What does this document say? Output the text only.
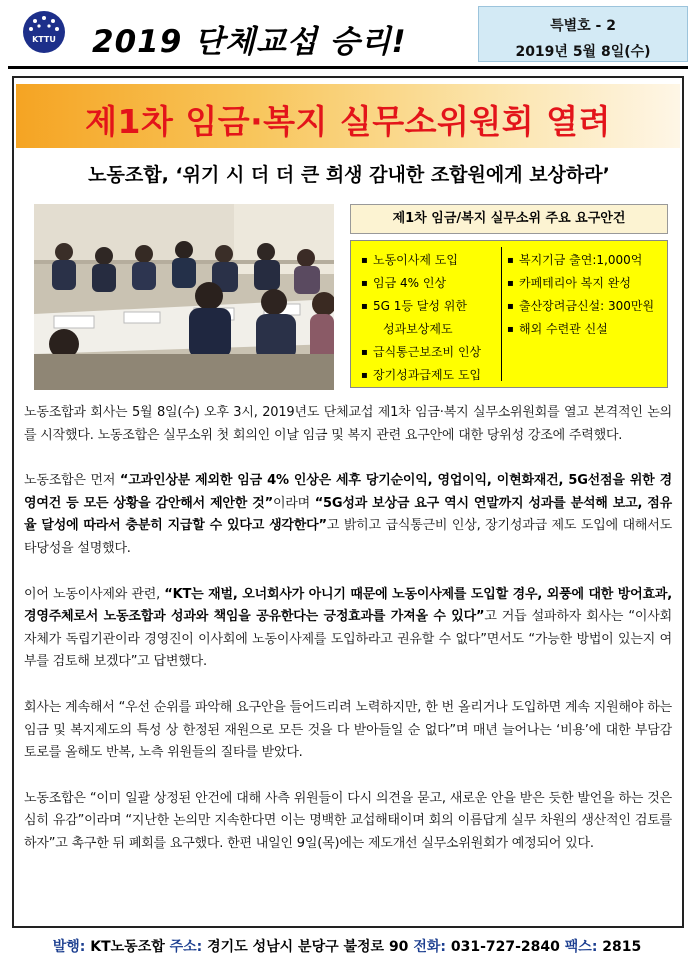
KTTU 2019 단체교섭 승리!	특별호 - 2
2019년 5월 8일(수)
제1차 임금·복지 실무소위원회 열려
노동조합, ‘위기 시 더 더 큰 희생 감내한 조합원에게 보상하라’
제1차 임금/복지 실무소위 주요 요구안건
▪ 노동이사제 도입
▪ 임금 4% 인상
▪ 5G 1등 달성 위한
성과보상제도
▪ 급식통근보조비 인상
▪ 장기성과급제도 도입
▪ 복지기금 출연:1,000억
▪ 카페테리아 복지 완성
▪ 출산장려금신설: 300만원
▪ 해외 수련관 신설

노동조합과 회사는 5월 8일(수) 오후 3시, 2019년도 단체교섭 제1차 임금·복지 실무소위원회를 열고 본격적인 논의를 시작했다. 노동조합은 실무소위 첫 회의인 이날 임금 및 복지 관련 요구안에 대한 당위성 강조에 주력했다.

노동조합은 먼저 “고과인상분 제외한 임금 4% 인상은 세후 당기순이익, 영업이익, 이현화재건, 5G선점을 위한 경영여건 등 모든 상황을 감안해서 제안한 것”이라며 “5G성과 보상금 요구 역시 연말까지 성과를 분석해 보고, 점유율 달성에 따라서 충분히 지급할 수 있다고 생각한다”고 밝히고 급식통근비 인상, 장기성과급 제도 도입에 대해서도 타당성을 설명했다.

이어 노동이사제와 관련, “KT는 재벌, 오너회사가 아니기 때문에 노동이사제를 도입할 경우, 외풍에 대한 방어효과, 경영주체로서 노동조합과 성과와 책임을 공유한다는 긍정효과를 가져올 수 있다”고 거듭 설파하자 회사는 “이사회 자체가 독립기관이라 경영진이 이사회에 노동이사제를 도입하라고 권유할 수 없다”면서도 “가능한 방법이 있는지 여부를 검토해 보겠다”고 답변했다.

회사는 계속해서 “우선 순위를 파악해 요구안을 들어드리려 노력하지만, 한 번 올리거나 도입하면 계속 지원해야 하는 임금 및 복지제도의 특성 상 한정된 재원으로 모든 것을 다 받아들일 순 없다”며 매년 늘어나는 ‘비용’에 대한 부담감 토로를 올해도 반복, 노측 위원들의 질타를 받았다.

노동조합은 “이미 일괄 상정된 안건에 대해 사측 위원들이 다시 의견을 묻고, 새로운 안을 받은 듯한 발언을 하는 것은 심히 유감”이라며 “지난한 논의만 지속한다면 이는 명백한 교섭해태이며 회의 이름답게 실무 차원의 생산적인 검토를 하자”고 촉구한 뒤 폐회를 요구했다. 한편 내일인 9일(목)에는 제도개선 실무소위원회가 예정되어 있다.

발행: KT노동조합 주소: 경기도 성남시 분당구 불정로 90 전화: 031-727-2840 팩스: 2815
